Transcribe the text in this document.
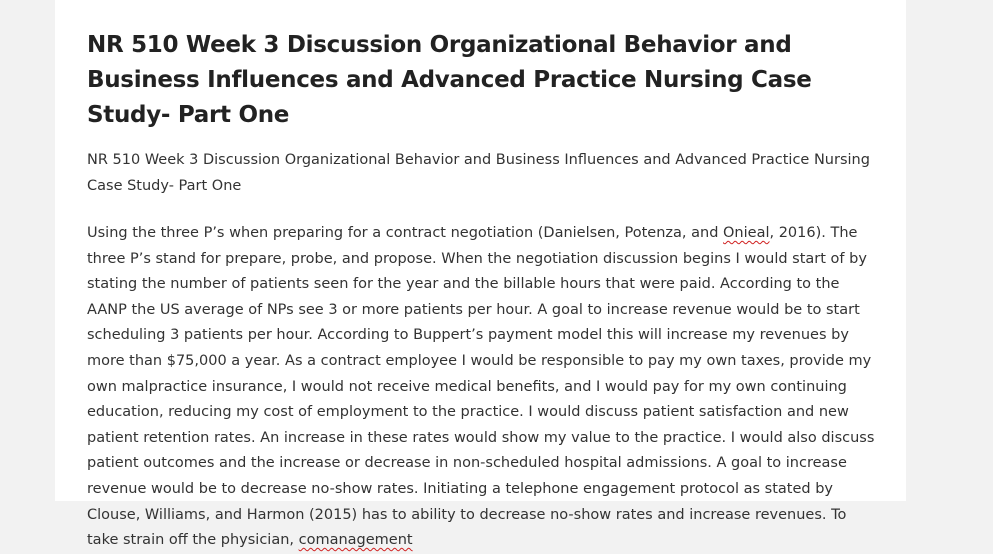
NR 510 Week 3 Discussion Organizational Behavior and Business Influences and Advanced Practice Nursing Case Study- Part One

NR 510 Week 3 Discussion Organizational Behavior and Business Influences and Advanced Practice Nursing Case Study- Part One

Using the three P’s when preparing for a contract negotiation (Danielsen, Potenza, and Onieal, 2016). The three P’s stand for prepare, probe, and propose. When the negotiation discussion begins I would start of by stating the number of patients seen for the year and the billable hours that were paid. According to the AANP the US average of NPs see 3 or more patients per hour. A goal to increase revenue would be to start scheduling 3 patients per hour. According to Buppert’s payment model this will increase my revenues by more than $75,000 a year. As a contract employee I would be responsible to pay my own taxes, provide my own malpractice insurance, I would not receive medical benefits, and I would pay for my own continuing education, reducing my cost of employment to the practice. I would discuss patient satisfaction and new patient retention rates. An increase in these rates would show my value to the practice. I would also discuss patient outcomes and the increase or decrease in non-scheduled hospital admissions. A goal to increase revenue would be to decrease no-show rates. Initiating a telephone engagement protocol as stated by Clouse, Williams, and Harmon (2015) has to ability to decrease no-show rates and increase revenues. To take strain off the physician, comanagement
